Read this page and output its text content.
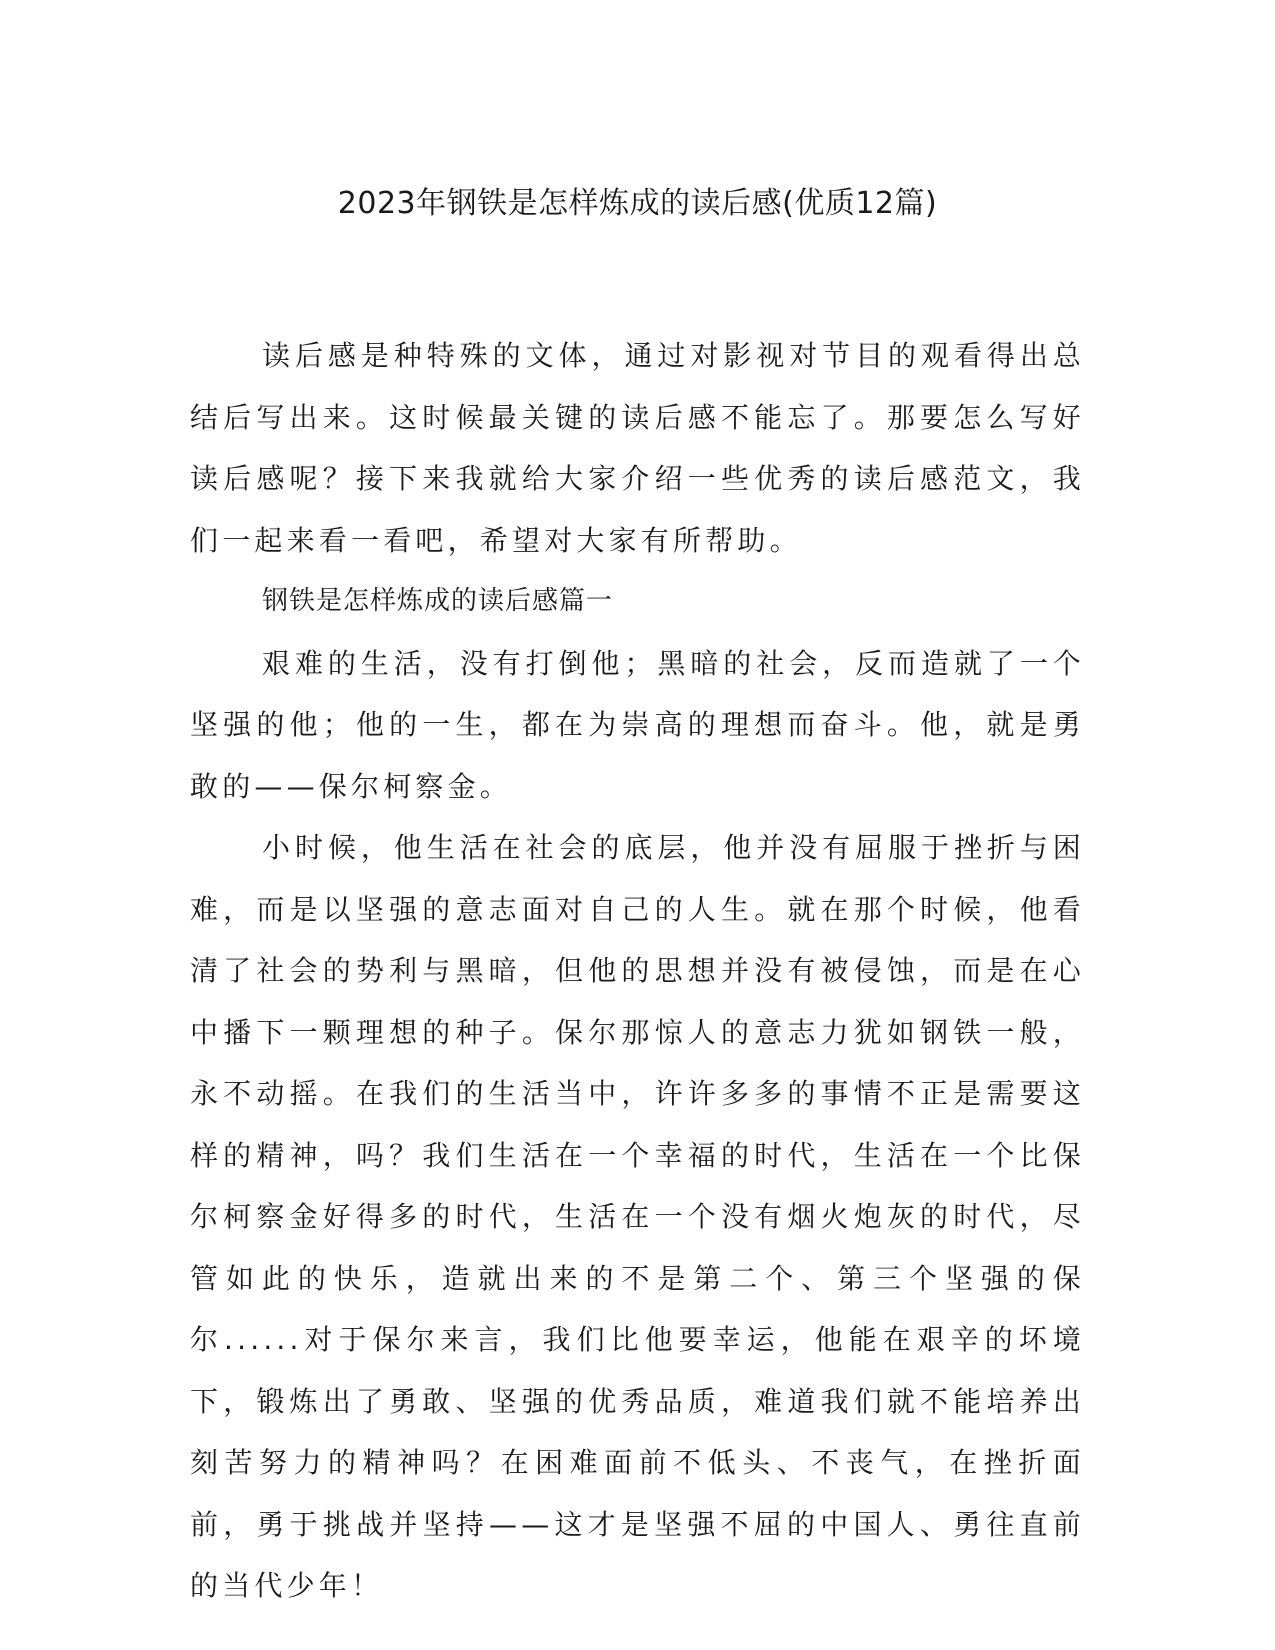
2023年钢铁是怎样炼成的读后感(优质12篇)

读后感是种特殊的文体，通过对影视对节目的观看得出总结后写出来。这时候最关键的读后感不能忘了。那要怎么写好读后感呢？接下来我就给大家介绍一些优秀的读后感范文，我们一起来看一看吧，希望对大家有所帮助。

钢铁是怎样炼成的读后感篇一

艰难的生活，没有打倒他；黑暗的社会，反而造就了一个坚强的他；他的一生，都在为崇高的理想而奋斗。他，就是勇敢的——保尔柯察金。

小时候，他生活在社会的底层，他并没有屈服于挫折与困难，而是以坚强的意志面对自己的人生。就在那个时候，他看清了社会的势利与黑暗，但他的思想并没有被侵蚀，而是在心中播下一颗理想的种子。保尔那惊人的意志力犹如钢铁一般，永不动摇。在我们的生活当中，许许多多的事情不正是需要这样的精神，吗？我们生活在一个幸福的时代，生活在一个比保尔柯察金好得多的时代，生活在一个没有烟火炮灰的时代，尽管如此的快乐，造就出来的不是第二个、第三个坚强的保尔......对于保尔来言，我们比他要幸运，他能在艰辛的坏境下，锻炼出了勇敢、坚强的优秀品质，难道我们就不能培养出刻苦努力的精神吗？在困难面前不低头、不丧气，在挫折面前，勇于挑战并坚持——这才是坚强不屈的中国人、勇往直前的当代少年！
